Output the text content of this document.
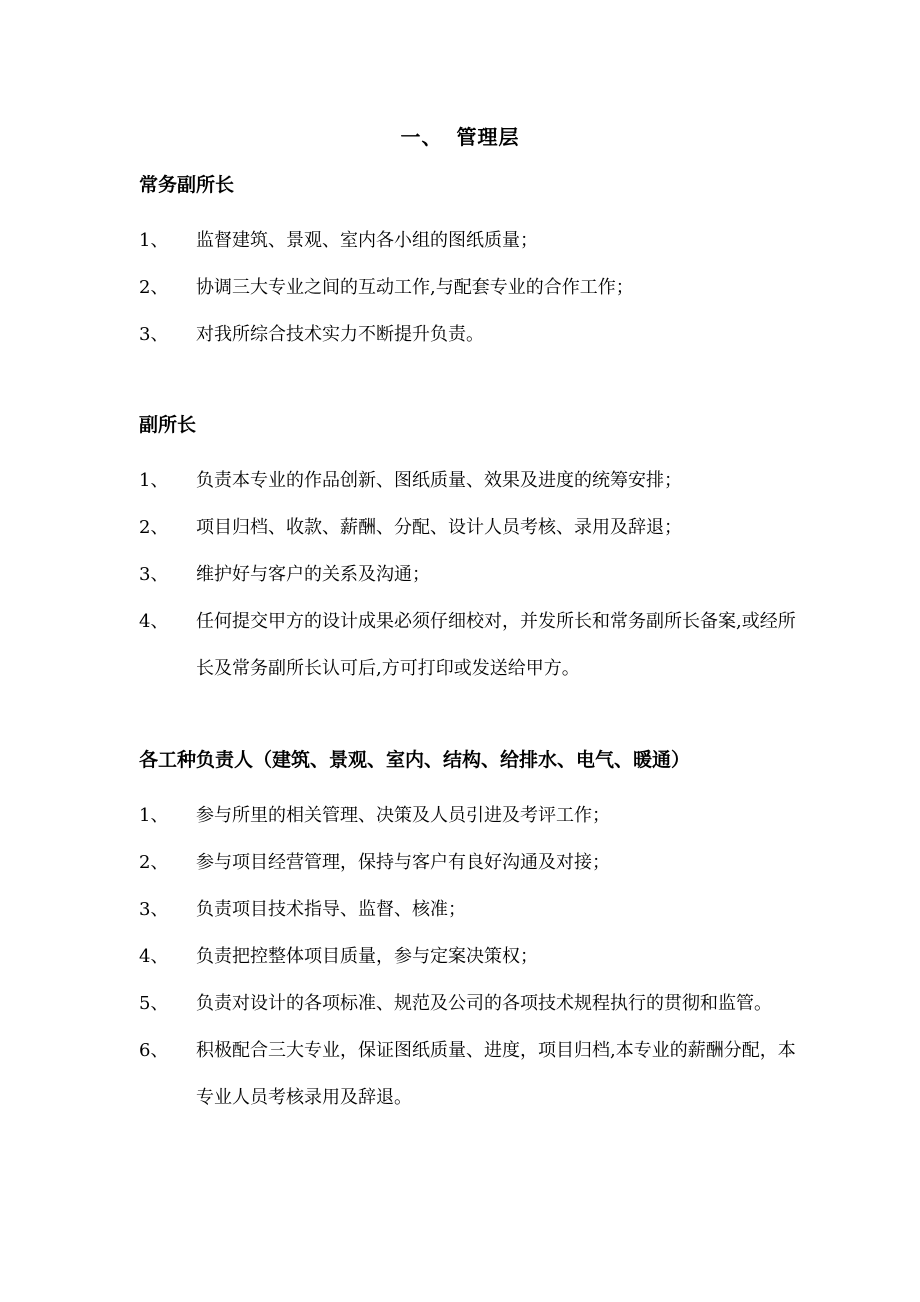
一、 管理层
常务副所长
1、	监督建筑、景观、室内各小组的图纸质量；
2、	协调三大专业之间的互动工作,与配套专业的合作工作；
3、	对我所综合技术实力不断提升负责。
副所长
1、	负责本专业的作品创新、图纸质量、效果及进度的统筹安排；
2、	项目归档、收款、薪酬、分配、设计人员考核、录用及辞退；
3、	维护好与客户的关系及沟通；
4、	任何提交甲方的设计成果必须仔细校对，并发所长和常务副所长备案,或经所长及常务副所长认可后,方可打印或发送给甲方。
各工种负责人（建筑、景观、室内、结构、给排水、电气、暖通）
1、	参与所里的相关管理、决策及人员引进及考评工作；
2、	参与项目经营管理，保持与客户有良好沟通及对接；
3、	负责项目技术指导、监督、核准；
4、	负责把控整体项目质量，参与定案决策权；
5、	负责对设计的各项标准、规范及公司的各项技术规程执行的贯彻和监管。
6、	积极配合三大专业，保证图纸质量、进度，项目归档,本专业的薪酬分配，本专业人员考核录用及辞退。
